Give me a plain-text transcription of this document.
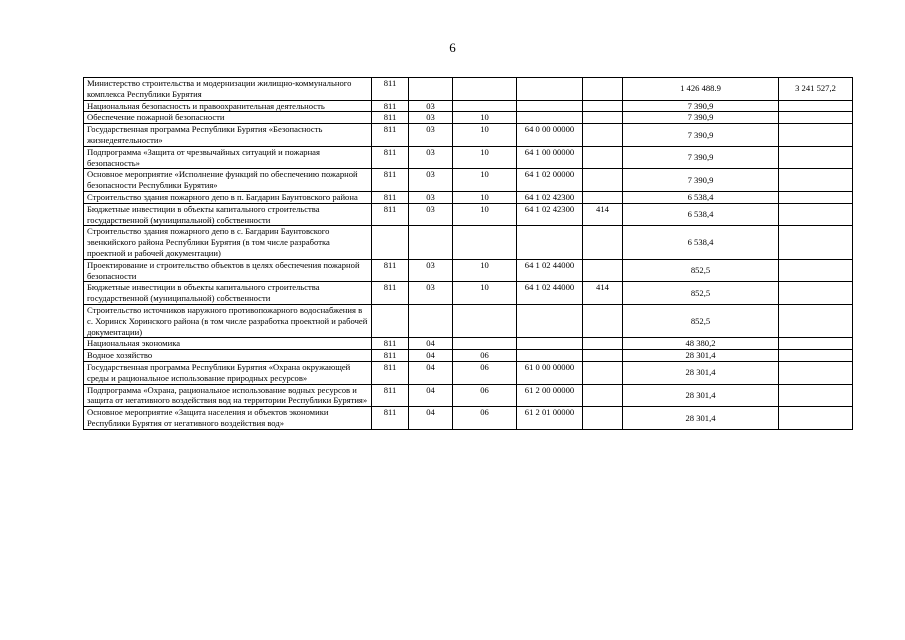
6
Министерство строительства и модернизации жилищно-коммунального комплекса Республики Бурятия	811					1 426 488.9	3 241 527,2
Национальная безопасность и правоохранительная деятельность	811	03				7 390,9	
Обеспечение пожарной безопасности	811	03	10			7 390,9	
Государственная программа Республики Бурятия «Безопасность жизнедеятельности»	811	03	10	64 0 00 00000		7 390,9	
Подпрограмма «Защита от чрезвычайных ситуаций и пожарная безопасность»	811	03	10	64 1 00 00000		7 390,9	
Основное мероприятие «Исполнение функций по обеспечению пожарной безопасности Республики Бурятия»	811	03	10	64 1 02 00000		7 390,9	
Строительство здания пожарного депо в п. Багдарин Баунтовского района	811	03	10	64 1 02 42300		6 538,4	
Бюджетные инвестиции в объекты капитального строительства государственной (муниципальной) собственности	811	03	10	64 1 02 42300	414	6 538,4	
Строительство здания пожарного депо в с. Багдарин Баунтовского эвенкийского района Республики Бурятия (в том числе разработка проектной и рабочей документации)						6 538,4	
Проектирование и строительство объектов в целях обеспечения пожарной безопасности	811	03	10	64 1 02 44000		852,5	
Бюджетные инвестиции в объекты капитального строительства государственной (муниципальной) собственности	811	03	10	64 1 02 44000	414	852,5	
Строительство источников наружного противопожарного водоснабжения в с. Хоринск Хоринского района (в том числе разработка проектной и рабочей документации)						852,5	
Национальная экономика	811	04				48 380,2	
Водное хозяйство	811	04	06			28 301,4	
Государственная программа Республики Бурятия «Охрана окружающей среды и рациональное использование природных ресурсов»	811	04	06	61 0 00 00000		28 301,4	
Подпрограмма «Охрана, рациональное использование водных ресурсов и защита от негативного воздействия вод на территории Республики Бурятия»	811	04	06	61 2 00 00000		28 301,4	
Основное мероприятие «Защита населения и объектов экономики Республики Бурятия от негативного воздействия вод»	811	04	06	61 2 01 00000		28 301,4	
